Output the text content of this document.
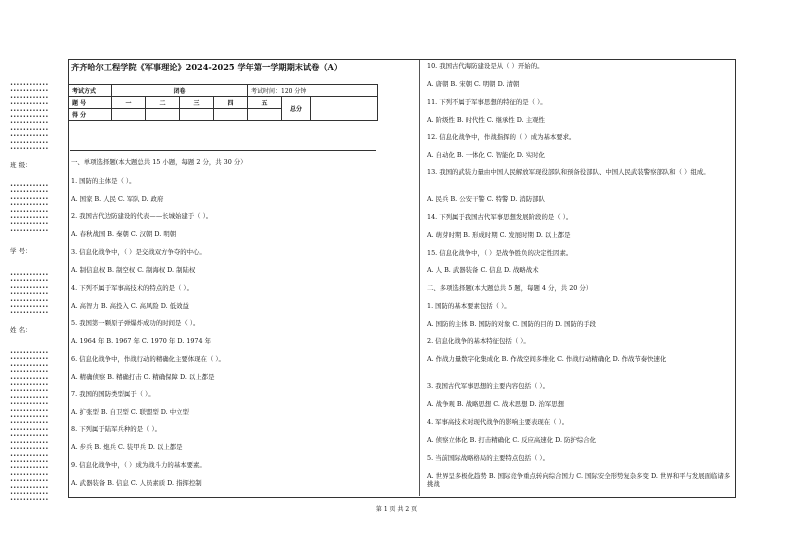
••••••••••••
••••••••••••
••••••••••••
••••••••••••
••••••••••••
••••••••••••
••••••••••••
••••••••••••
••••••••••••
••••••••••••
••••••••••••
班 级：
••••••••••••
••••••••••••
••••••••••••
••••••••••••
••••••••••••
••••••••••••
••••••••••••
••••••••••••
学 号：
••••••••••••
••••••••••••
••••••••••••
••••••••••••
••••••••••••
••••••••••••
••••••••••••
姓 名：
••••••••••••
••••••••••••
••••••••••••
••••••••••••
••••••••••••
••••••••••••
••••••••••••
••••••••••••
••••••••••••
••••••••••••
••••••••••••
••••••••••••
••••••••••••
••••••••••••
••••••••••••
••••••••••••
••••••••••••
••••••••••••
••••••••••••
••••••••••••
••••••••••••
••••••••••••
••••••••••••
••••••••••••
齐齐哈尔工程学院《军事理论》2024-2025 学年第一学期期末试卷（A）
考试方式	闭卷				考试时间：120 分钟		
题 号	一	二	三	四	五	总分	
得 分							
一、单项选择题(本大题总共 15 小题，每题 2 分，共 30 分）
1. 国防的主体是（ ）。
A. 国家 B. 人民 C. 军队 D. 政府
2. 我国古代边防建设的代表——长城始建于（ ）。
A. 春秋战国 B. 秦朝 C. 汉朝 D. 明朝
3. 信息化战争中，（ ）是交战双方争夺的中心。
A. 制信息权 B. 制空权 C. 制海权 D. 制陆权
4. 下列不属于军事高技术的特点的是（ ）。
A. 高智力 B. 高投入 C. 高风险 D. 低效益
5. 我国第一颗原子弹爆炸成功的时间是（ ）。
A. 1964 年 B. 1967 年 C. 1970 年 D. 1974 年
6. 信息化战争中，作战行动的精确化主要体现在（ ）。
A. 精确侦察 B. 精确打击 C. 精确保障 D. 以上都是
7. 我国的国防类型属于（ ）。
A. 扩张型 B. 自卫型 C. 联盟型 D. 中立型
8. 下列属于陆军兵种的是（ ）。
A. 步兵 B. 炮兵 C. 装甲兵 D. 以上都是
9. 信息化战争中，（ ）成为战斗力的基本要素。
A. 武器装备 B. 信息 C. 人员素质 D. 指挥控制
10. 我国古代海防建设是从（ ）开始的。
A. 唐朝 B. 宋朝 C. 明朝 D. 清朝
11. 下列不属于军事思想的特征的是（ ）。
A. 阶级性 B. 时代性 C. 继承性 D. 主观性
12. 信息化战争中，作战指挥的（ ）成为基本要求。
A. 自动化 B. 一体化 C. 智能化 D. 实时化
13. 我国的武装力量由中国人民解放军现役部队和预备役部队、中国人民武装警察部队和（ ）组成。
A. 民兵 B. 公安干警 C. 特警 D. 消防部队
14. 下列属于我国古代军事思想发展阶段的是（ ）。
A. 萌芽时期 B. 形成时期 C. 发展时期 D. 以上都是
15. 信息化战争中，（ ）是战争胜负的决定性因素。
A. 人 B. 武器装备 C. 信息 D. 战略战术
二、多项选择题(本大题总共 5 题，每题 4 分，共 20 分）
1. 国防的基本要素包括（ ）。
A. 国防的主体 B. 国防的对象 C. 国防的目的 D. 国防的手段
2. 信息化战争的基本特征包括（ ）。
A. 作战力量数字化集成化 B. 作战空间多维化 C. 作战行动精确化 D. 作战节奏快速化
3. 我国古代军事思想的主要内容包括（ ）。
A. 战争观 B. 战略思想 C. 战术思想 D. 治军思想
4. 军事高技术对现代战争的影响主要表现在（ ）。
A. 侦察立体化 B. 打击精确化 C. 反应高速化 D. 防护综合化
5. 当前国际战略格局的主要特点包括（ ）。
A. 世界呈多极化趋势 B. 国际竞争重点转向综合国力 C. 国际安全形势复杂多变 D. 世界和平与发展面临诸多挑战
第 1 页 共 2 页
